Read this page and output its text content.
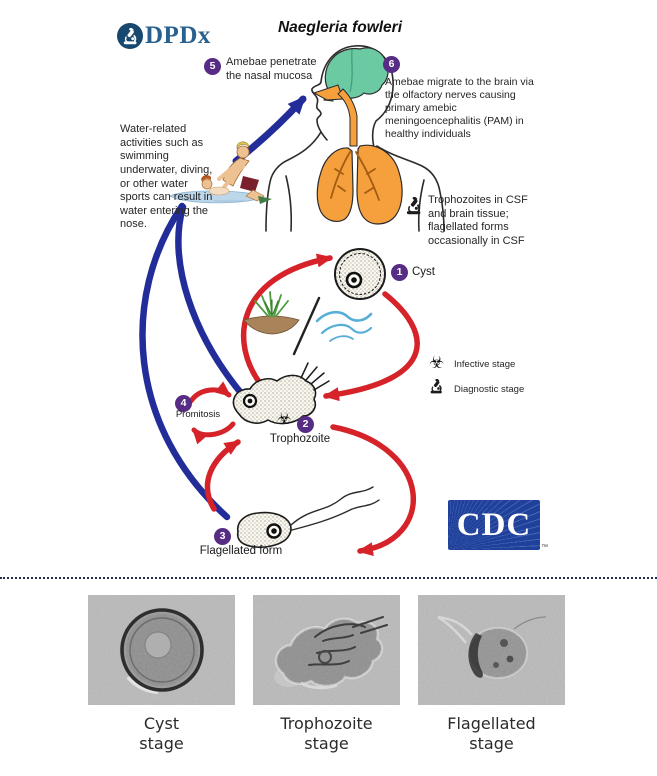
DPDx	Naegleria fowleri
5 Amebae penetrate the nasal mucosa
6
Amebae migrate to the brain via the olfactory nerves causing primary amebic meningoencephalitis (PAM) in healthy individuals
Water-related activities such as swimming underwater, diving, or other water sports can result in water entering the nose.
Trophozoites in CSF and brain tissue; flagellated forms occasionally in CSF
1 Cyst
☣ Infective stage
Diagnostic stage
4
Promitosis	☣	2
Trophozoite
3
Flagellated form
CDC
™
Cyst
stage
Trophozoite
stage
Flagellated
stage
